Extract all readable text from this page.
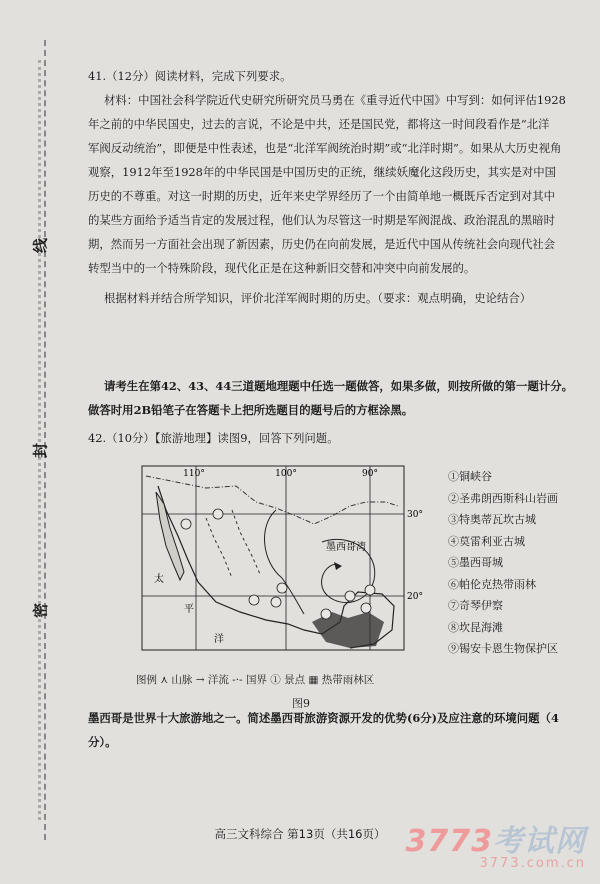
线
封
密

41.（12分）阅读材料，完成下列要求。

材料：中国社会科学院近代史研究所研究员马勇在《重寻近代中国》中写到：如何评估1928

年之前的中华民国史，过去的言说，不论是中共，还是国民党，都将这一时间段看作是“北洋

军阀反动统治”，即便是中性表述，也是“北洋军阀统治时期”或“北洋时期”。如果从大历史视角

观察，1912年至1928年的中华民国是中国历史的正统，继续妖魔化这段历史，其实是对中国

历史的不尊重。对这一时期的历史，近年来史学界经历了一个由简单地一概既斥否定到对其中

的某些方面给予适当肯定的发展过程，他们认为尽管这一时期是军阀混战、政治混乱的黑暗时

期，然而另一方面社会出现了新因素，历史仍在向前发展，是近代中国从传统社会向现代社会

转型当中的一个特殊阶段，现代化正是在这种新旧交替和冲突中向前发展的。

根据材料并结合所学知识，评价北洋军阀时期的历史。（要求：观点明确，史论结合）

请考生在第42、43、44三道题地理题中任选一题做答，如果多做，则按所做的第一题计分。

做答时用2B铅笔子在答题卡上把所选题目的题号后的方框涂黑。

42.（10分）【旅游地理】读图9，回答下列问题。

110°	100°	90°
30°
20°
墨西哥湾
太
平
洋
①铜峡谷
②圣弗朗西斯科山岩画
③特奥蒂瓦坎古城
④莫雷利亚古城
⑤墨西哥城
⑥帕伦克热带雨林
⑦奇琴伊察
⑧坎昆海滩
⑨锡安卡恩生物保护区
图例 ⋏ 山脉 → 洋流 -·- 国界 ① 景点 ▦ 热带雨林区
图9

墨西哥是世界十大旅游地之一。简述墨西哥旅游资源开发的优势(6分)及应注意的环境问题（4

分）。

高三文科综合 第13页（共16页） 3773考试网
3773.com.cn
